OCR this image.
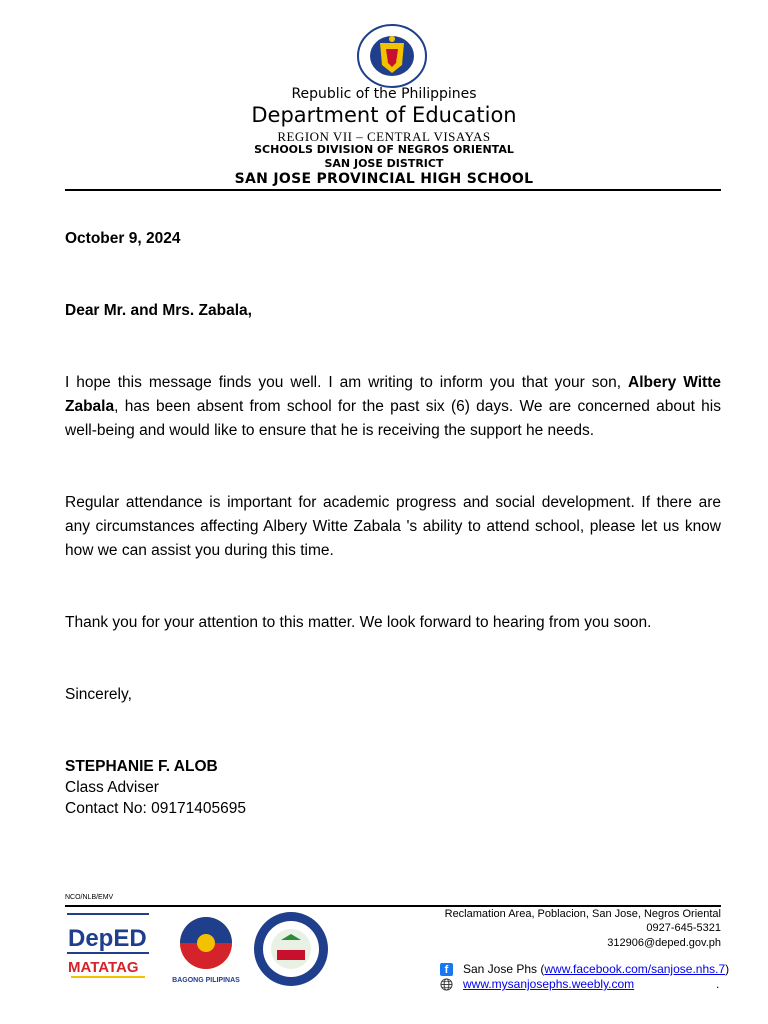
Republic of the Philippines
Department of Education
REGION VII – CENTRAL VISAYAS
SCHOOLS DIVISION OF NEGROS ORIENTAL
SAN JOSE DISTRICT
SAN JOSE PROVINCIAL HIGH SCHOOL
October 9, 2024
Dear Mr. and Mrs. Zabala,
I hope this message finds you well. I am writing to inform you that your son, Albery Witte Zabala, has been absent from school for the past six (6) days. We are concerned about his well-being and would like to ensure that he is receiving the support he needs.
Regular attendance is important for academic progress and social development. If there are any circumstances affecting Albery Witte Zabala 's ability to attend school, please let us know how we can assist you during this time.
Thank you for your attention to this matter. We look forward to hearing from you soon.
Sincerely,
STEPHANIE F. ALOB
Class Adviser
Contact No: 09171405695
NCO/NLB/EMV
DepED
MATATAG
BAGONG PILIPINAS
Reclamation Area, Poblacion, San Jose, Negros Oriental
0927-645-5321
312906@deped.gov.ph
f	San Jose Phs ( www.facebook.com/sanjose.nhs.7 )
www.mysanjosephs.weebly.com	.
